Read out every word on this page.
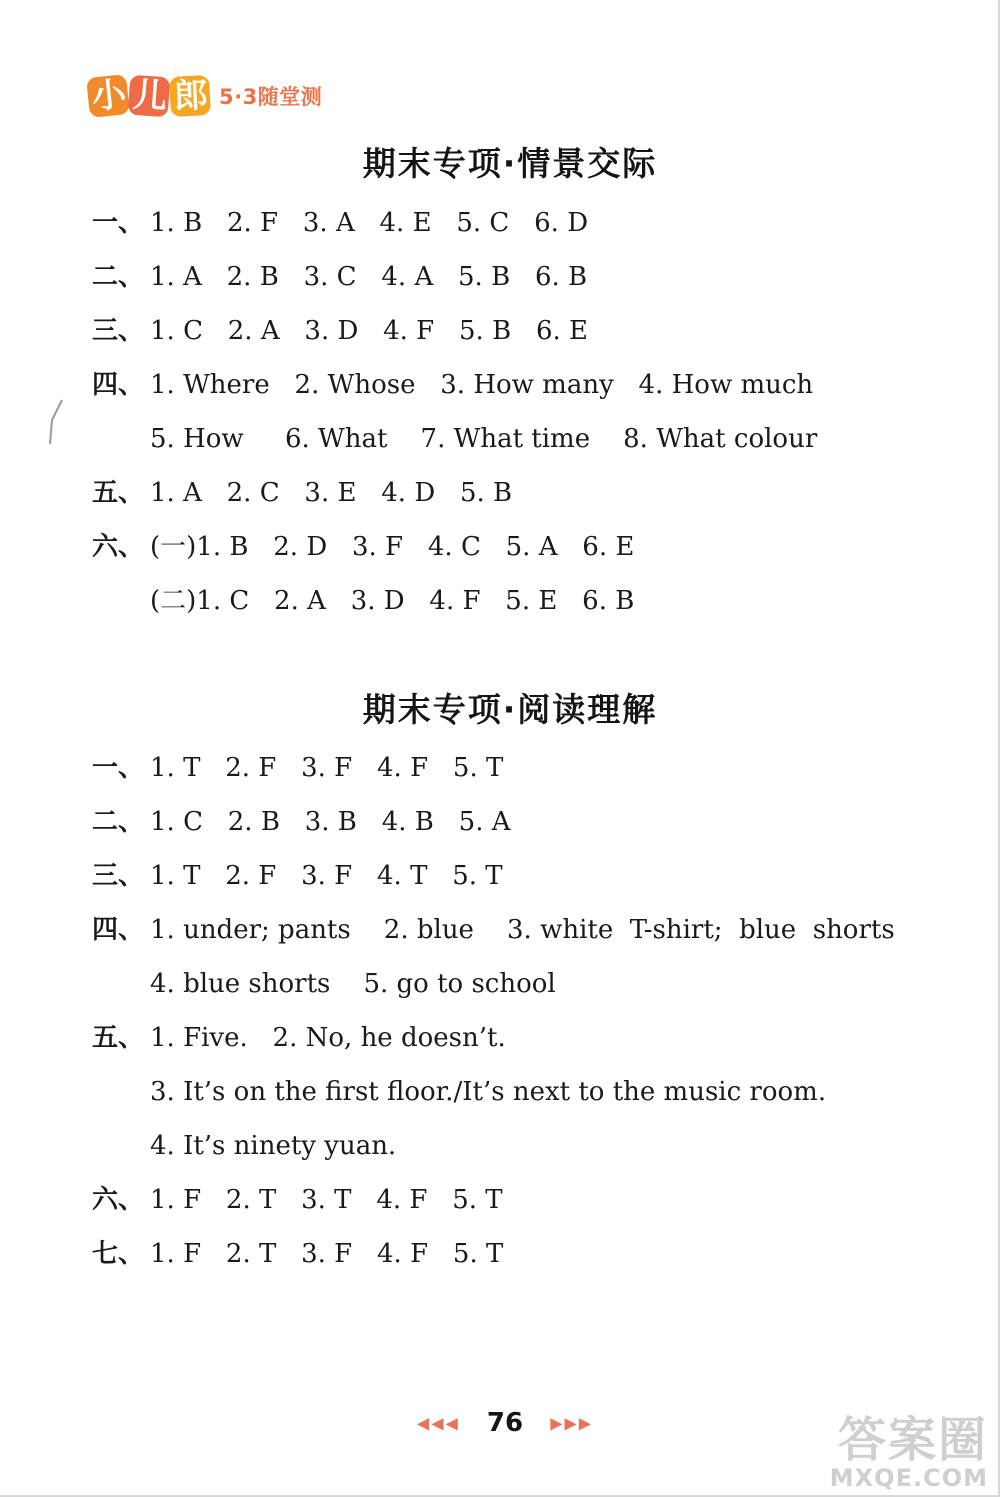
小 儿 郎 5·3随堂测
期末专项·情景交际
一、 1. B   2. F   3. A   4. E   5. C   6. D
二、 1. A   2. B   3. C   4. A   5. B   6. B
三、 1. C   2. A   3. D   4. F   5. B   6. E
四、 1. Where   2. Whose   3. How many   4. How much
5. How     6. What    7. What time    8. What colour
五、 1. A   2. C   3. E   4. D   5. B
六、 (一)1. B   2. D   3. F   4. C   5. A   6. E
(二)1. C   2. A   3. D   4. F   5. E   6. B
期末专项·阅读理解
一、 1. T   2. F   3. F   4. F   5. T
二、 1. C   2. B   3. B   4. B   5. A
三、 1. T   2. F   3. F   4. T   5. T
四、 1. under; pants    2. blue    3. white  T-shirt;  blue  shorts
4. blue shorts    5. go to school
五、 1. Five.   2. No, he doesn’t.
3. It’s on the first floor./It’s next to the music room.
4. It’s ninety yuan.
六、 1. F   2. T   3. T   4. F   5. T
七、 1. F   2. T   3. F   4. F   5. T
◀◀◀ 76 ▶▶▶	答案圈
MXQE.COM
